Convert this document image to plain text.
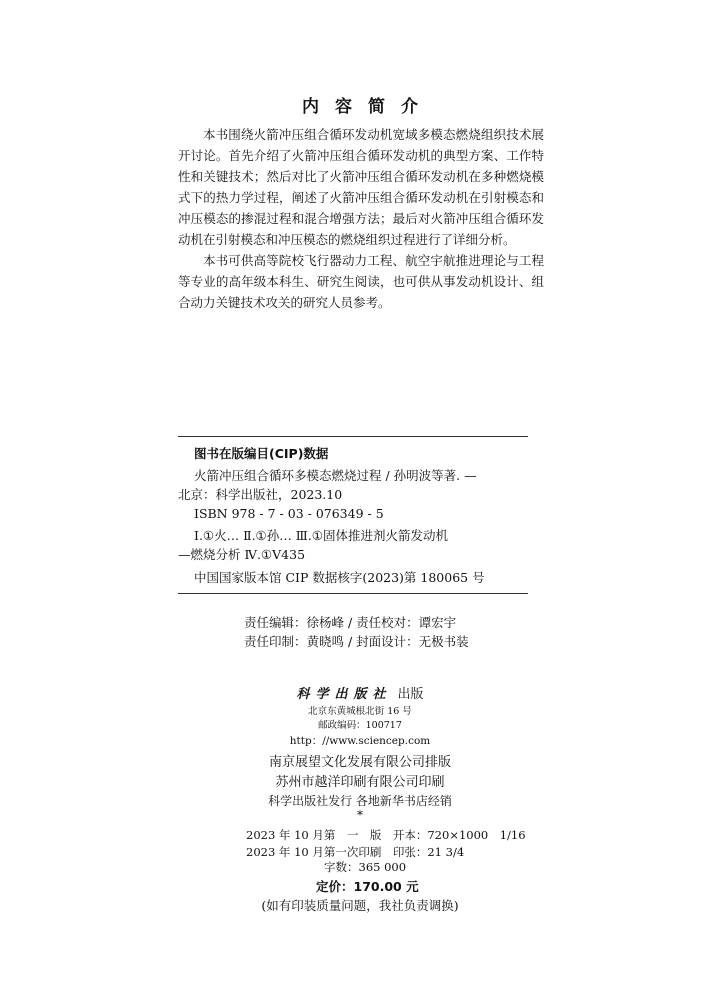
内容简介

本书围绕火箭冲压组合循环发动机宽域多模态燃烧组织技术展开讨论。首先介绍了火箭冲压组合循环发动机的典型方案、工作特性和关键技术；然后对比了火箭冲压组合循环发动机在多种燃烧模式下的热力学过程，阐述了火箭冲压组合循环发动机在引射模态和冲压模态的掺混过程和混合增强方法；最后对火箭冲压组合循环发动机在引射模态和冲压模态的燃烧组织过程进行了详细分析。

本书可供高等院校飞行器动力工程、航空宇航推进理论与工程等专业的高年级本科生、研究生阅读，也可供从事发动机设计、组合动力关键技术攻关的研究人员参考。

图书在版编目(CIP)数据
火箭冲压组合循环多模态燃烧过程 / 孙明波等著. —
北京：科学出版社，2023.10
ISBN 978 - 7 - 03 - 076349 - 5
Ⅰ.①火… Ⅱ.①孙… Ⅲ.①固体推进剂火箭发动机
—燃烧分析 Ⅳ.①V435
中国国家版本馆 CIP 数据核字(2023)第 180065 号
责任编辑：徐杨峰 / 责任校对：谭宏宇
责任印制：黄晓鸣 / 封面设计：无极书装
科学出版社 出版
北京东黄城根北街 16 号
邮政编码：100717
http：//www.sciencep.com
南京展望文化发展有限公司排版
苏州市越洋印刷有限公司印刷
科学出版社发行 各地新华书店经销
*
2023 年 10 月第　一　版　开本：720×1000　1/16
2023 年 10 月第一次印刷　印张：21 3/4
字数：365 000
定价：170.00 元
(如有印装质量问题，我社负责调换)
